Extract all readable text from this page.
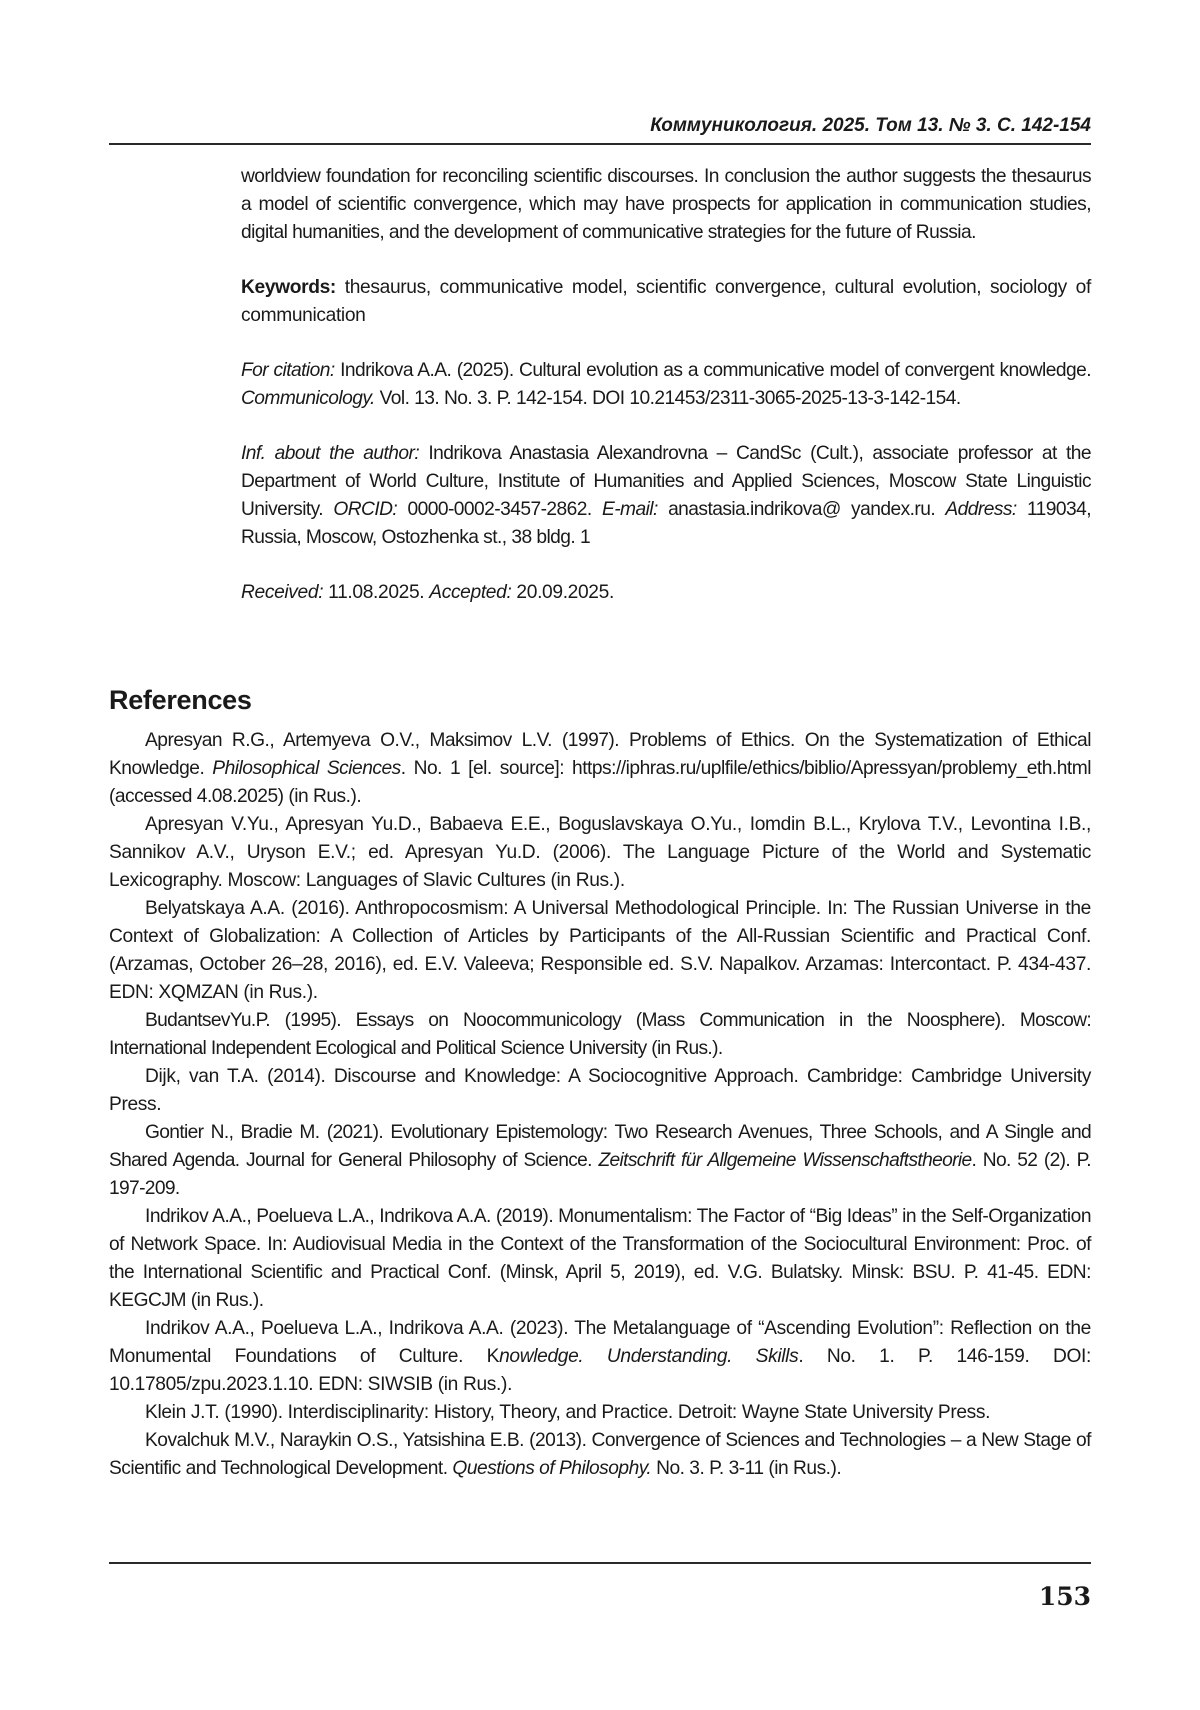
Коммуникология. 2025. Том 13. № 3. С. 142-154

worldview foundation for reconciling scientific discourses. In conclusion the author suggests the thesaurus a model of scientific convergence, which may have prospects for application in communication studies, digital humanities, and the development of communicative strategies for the future of Russia.

Keywords: thesaurus, communicative model, scientific convergence, cultural evolution, sociology of communication

For citation: Indrikova A.A. (2025). Cultural evolution as a communicative model of convergent knowledge. Communicology. Vol. 13. No. 3. P. 142-154. DOI 10.21453/2311-3065-2025-13-3-142-154.

Inf. about the author: Indrikova Anastasia Alexandrovna – CandSc (Cult.), associate professor at the Department of World Culture, Institute of Humanities and Applied Sciences, Moscow State Linguistic University. ORCID: 0000-0002-3457-2862. E-mail: anastasia.indrikova@ yandex.ru. Address: 119034, Russia, Moscow, Ostozhenka st., 38 bldg. 1

Received: 11.08.2025. Accepted: 20.09.2025.

References
Apresyan R.G., Artemyeva O.V., Maksimov L.V. (1997). Problems of Ethics. On the Systematization of Ethical Knowledge. Philosophical Sciences. No. 1 [el. source]: https://iphras.ru/uplfile/ethics/biblio/Apressyan/problemy_eth.html (accessed 4.08.2025) (in Rus.).
Apresyan V.Yu., Apresyan Yu.D., Babaeva E.E., Boguslavskaya O.Yu., Iomdin B.L., Krylova T.V., Levontina I.B., Sannikov A.V., Uryson E.V.; ed. Apresyan Yu.D. (2006). The Language Picture of the World and Systematic Lexicography. Moscow: Languages of Slavic Cultures (in Rus.).
Belyatskaya A.A. (2016). Anthropocosmism: A Universal Methodological Principle. In: The Russian Universe in the Context of Globalization: A Collection of Articles by Participants of the All-Russian Scientific and Practical Conf. (Arzamas, October 26–28, 2016), ed. E.V. Valeeva; Responsible ed. S.V. Napalkov. Arzamas: Intercontact. P. 434-437. EDN: XQMZAN (in Rus.).
BudantsevYu.P. (1995). Essays on Noocommunicology (Mass Communication in the Noosphere). Moscow: International Independent Ecological and Political Science University (in Rus.).
Dijk, van T.A. (2014). Discourse and Knowledge: A Sociocognitive Approach. Cambridge: Cambridge University Press.
Gontier N., Bradie M. (2021). Evolutionary Epistemology: Two Research Avenues, Three Schools, and A Single and Shared Agenda. Journal for General Philosophy of Science. Zeitschrift für Allgemeine Wissenschaftstheorie. No. 52 (2). P. 197-209.
Indrikov A.A., Poelueva L.A., Indrikova A.A. (2019). Monumentalism: The Factor of “Big Ideas” in the Self-Organization of Network Space. In: Audiovisual Media in the Context of the Transformation of the Sociocultural Environment: Proc. of the International Scientific and Practical Conf. (Minsk, April 5, 2019), ed. V.G. Bulatsky. Minsk: BSU. P. 41-45. EDN: KEGCJM (in Rus.).
Indrikov A.A., Poelueva L.A., Indrikova A.A. (2023). The Metalanguage of “Ascending Evolution”: Reflection on the Monumental Foundations of Culture. Knowledge. Understanding. Skills. No. 1. P. 146-159. DOI: 10.17805/zpu.2023.1.10. EDN: SIWSIB (in Rus.).
Klein J.T. (1990). Interdisciplinarity: History, Theory, and Practice. Detroit: Wayne State University Press.
Kovalchuk M.V., Naraykin O.S., Yatsishina E.B. (2013). Convergence of Sciences and Technologies – a New Stage of Scientific and Technological Development. Questions of Philosophy. No. 3. P. 3-11 (in Rus.).
153
